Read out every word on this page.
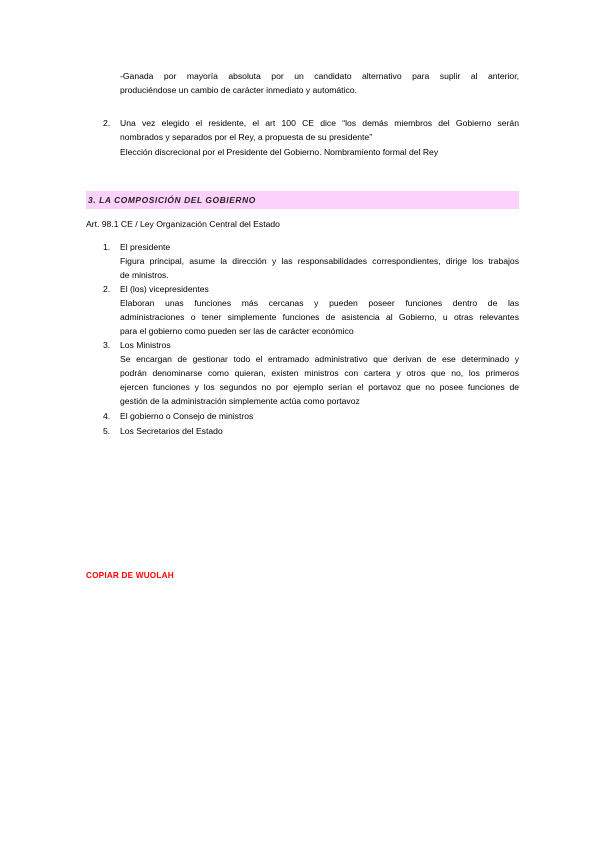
-Ganada por mayoría absoluta por un candidato alternativo para suplir al anterior,
produciéndose un cambio de carácter inmediato y automático.
2.	Una vez elegido el residente, el art 100 CE dice “los demás miembros del Gobierno serán
nombrados y separados por el Rey, a propuesta de su presidente”
Elección discrecional por el Presidente del Gobierno. Nombramiento formal del Rey
3. LA COMPOSICIÓN DEL GOBIERNO
Art. 98.1 CE / Ley Organización Central del Estado
1.	El presidente
Figura principal, asume la dirección y las responsabilidades correspondientes, dirige los trabajos
de ministros.
2.	El (los) vicepresidentes
Elaboran unas funciones más cercanas y pueden poseer funciones dentro de las
administraciones o tener simplemente funciones de asistencia al Gobierno, u otras relevantes
para el gobierno como pueden ser las de carácter económico
3.	Los Ministros
Se encargan de gestionar todo el entramado administrativo que derivan de ese determinado y
podrán denominarse como quieran, existen ministros con cartera y otros que no, los primeros
ejercen funciones y los segundos no por ejemplo serían el portavoz que no posee funciones de
gestión de la administración simplemente actúa como portavoz
4.	El gobierno o Consejo de ministros
5.	Los Secretarios del Estado
COPIAR DE WUOLAH
